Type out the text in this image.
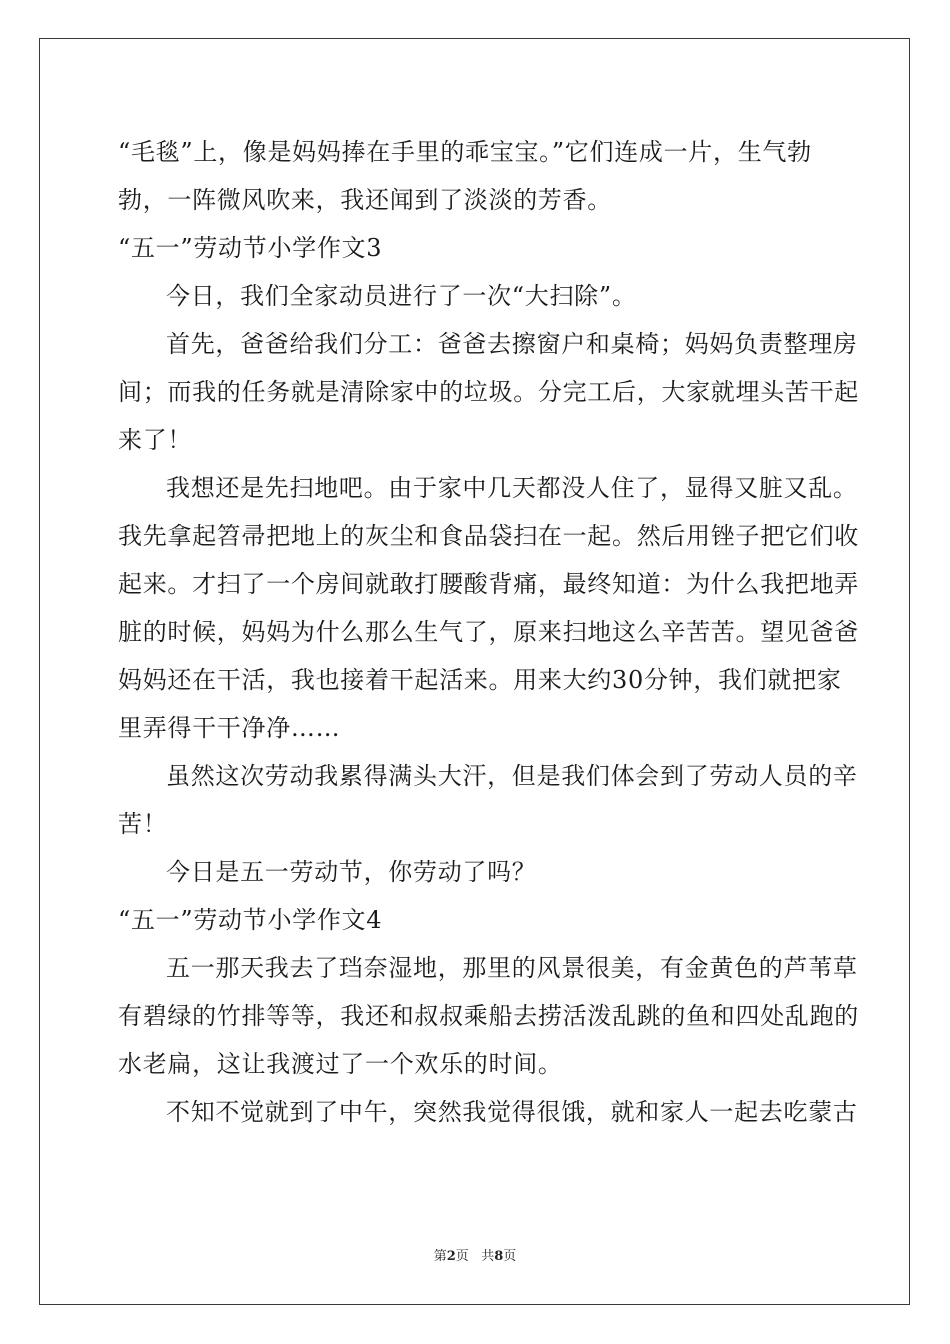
“毛毯”上，像是妈妈捧在手里的乖宝宝。”它们连成一片，生气勃
勃，一阵微风吹来，我还闻到了淡淡的芳香。

“五一”劳动节小学作文3

今日，我们全家动员进行了一次“大扫除”。

首先，爸爸给我们分工：爸爸去擦窗户和桌椅；妈妈负责整理房
间；而我的任务就是清除家中的垃圾。分完工后，大家就埋头苦干起
来了！

我想还是先扫地吧。由于家中几天都没人住了，显得又脏又乱。
我先拿起笤帚把地上的灰尘和食品袋扫在一起。然后用锉子把它们收
起来。才扫了一个房间就敢打腰酸背痛，最终知道：为什么我把地弄
脏的时候，妈妈为什么那么生气了，原来扫地这么辛苦苦。望见爸爸
妈妈还在干活，我也接着干起活来。用来大约30分钟，我们就把家
里弄得干干净净……

虽然这次劳动我累得满头大汗，但是我们体会到了劳动人员的辛
苦！

今日是五一劳动节，你劳动了吗？

“五一”劳动节小学作文4

五一那天我去了珰奈湿地，那里的风景很美，有金黄色的芦苇草
有碧绿的竹排等等，我还和叔叔乘船去捞活泼乱跳的鱼和四处乱跑的
水老扁，这让我渡过了一个欢乐的时间。

不知不觉就到了中午，突然我觉得很饿，就和家人一起去吃蒙古

第2页 共8页
